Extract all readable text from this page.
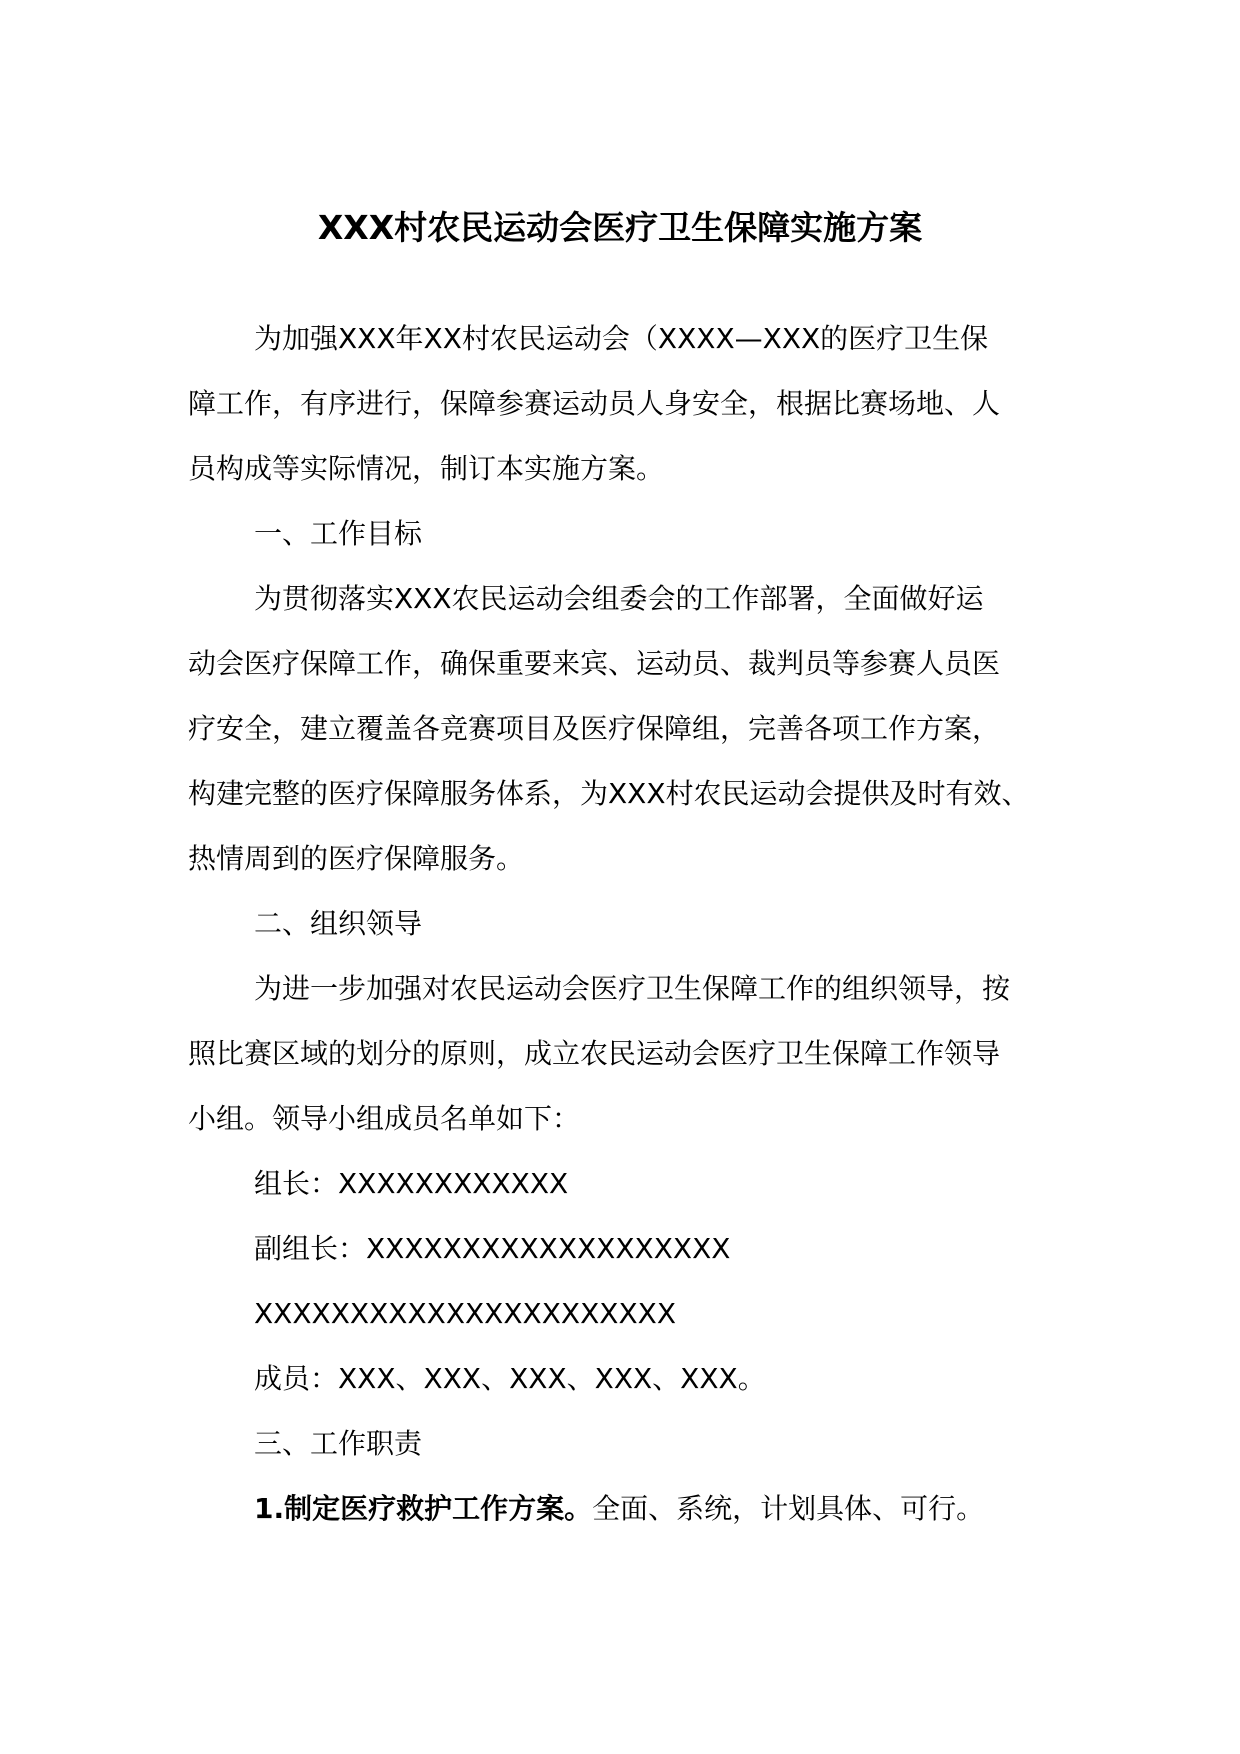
XXX村农民运动会医疗卫生保障实施方案

为加强XXX年XX村农民运动会（XXXX—XXX的医疗卫生保

障工作，有序进行，保障参赛运动员人身安全，根据比赛场地、人

员构成等实际情况，制订本实施方案。

一、工作目标

为贯彻落实XXX农民运动会组委会的工作部署，全面做好运

动会医疗保障工作，确保重要来宾、运动员、裁判员等参赛人员医

疗安全，建立覆盖各竞赛项目及医疗保障组，完善各项工作方案，

构建完整的医疗保障服务体系，为XXX村农民运动会提供及时有效、

热情周到的医疗保障服务。

二、组织领导

为进一步加强对农民运动会医疗卫生保障工作的组织领导，按

照比赛区域的划分的原则，成立农民运动会医疗卫生保障工作领导

小组。领导小组成员名单如下：

组长：XXXXXXXXXXXX

副组长：XXXXXXXXXXXXXXXXXXX

XXXXXXXXXXXXXXXXXXXXXX

成员：XXX、XXX、XXX、XXX、XXX。

三、工作职责

1.制定医疗救护工作方案。全面、系统，计划具体、可行。
